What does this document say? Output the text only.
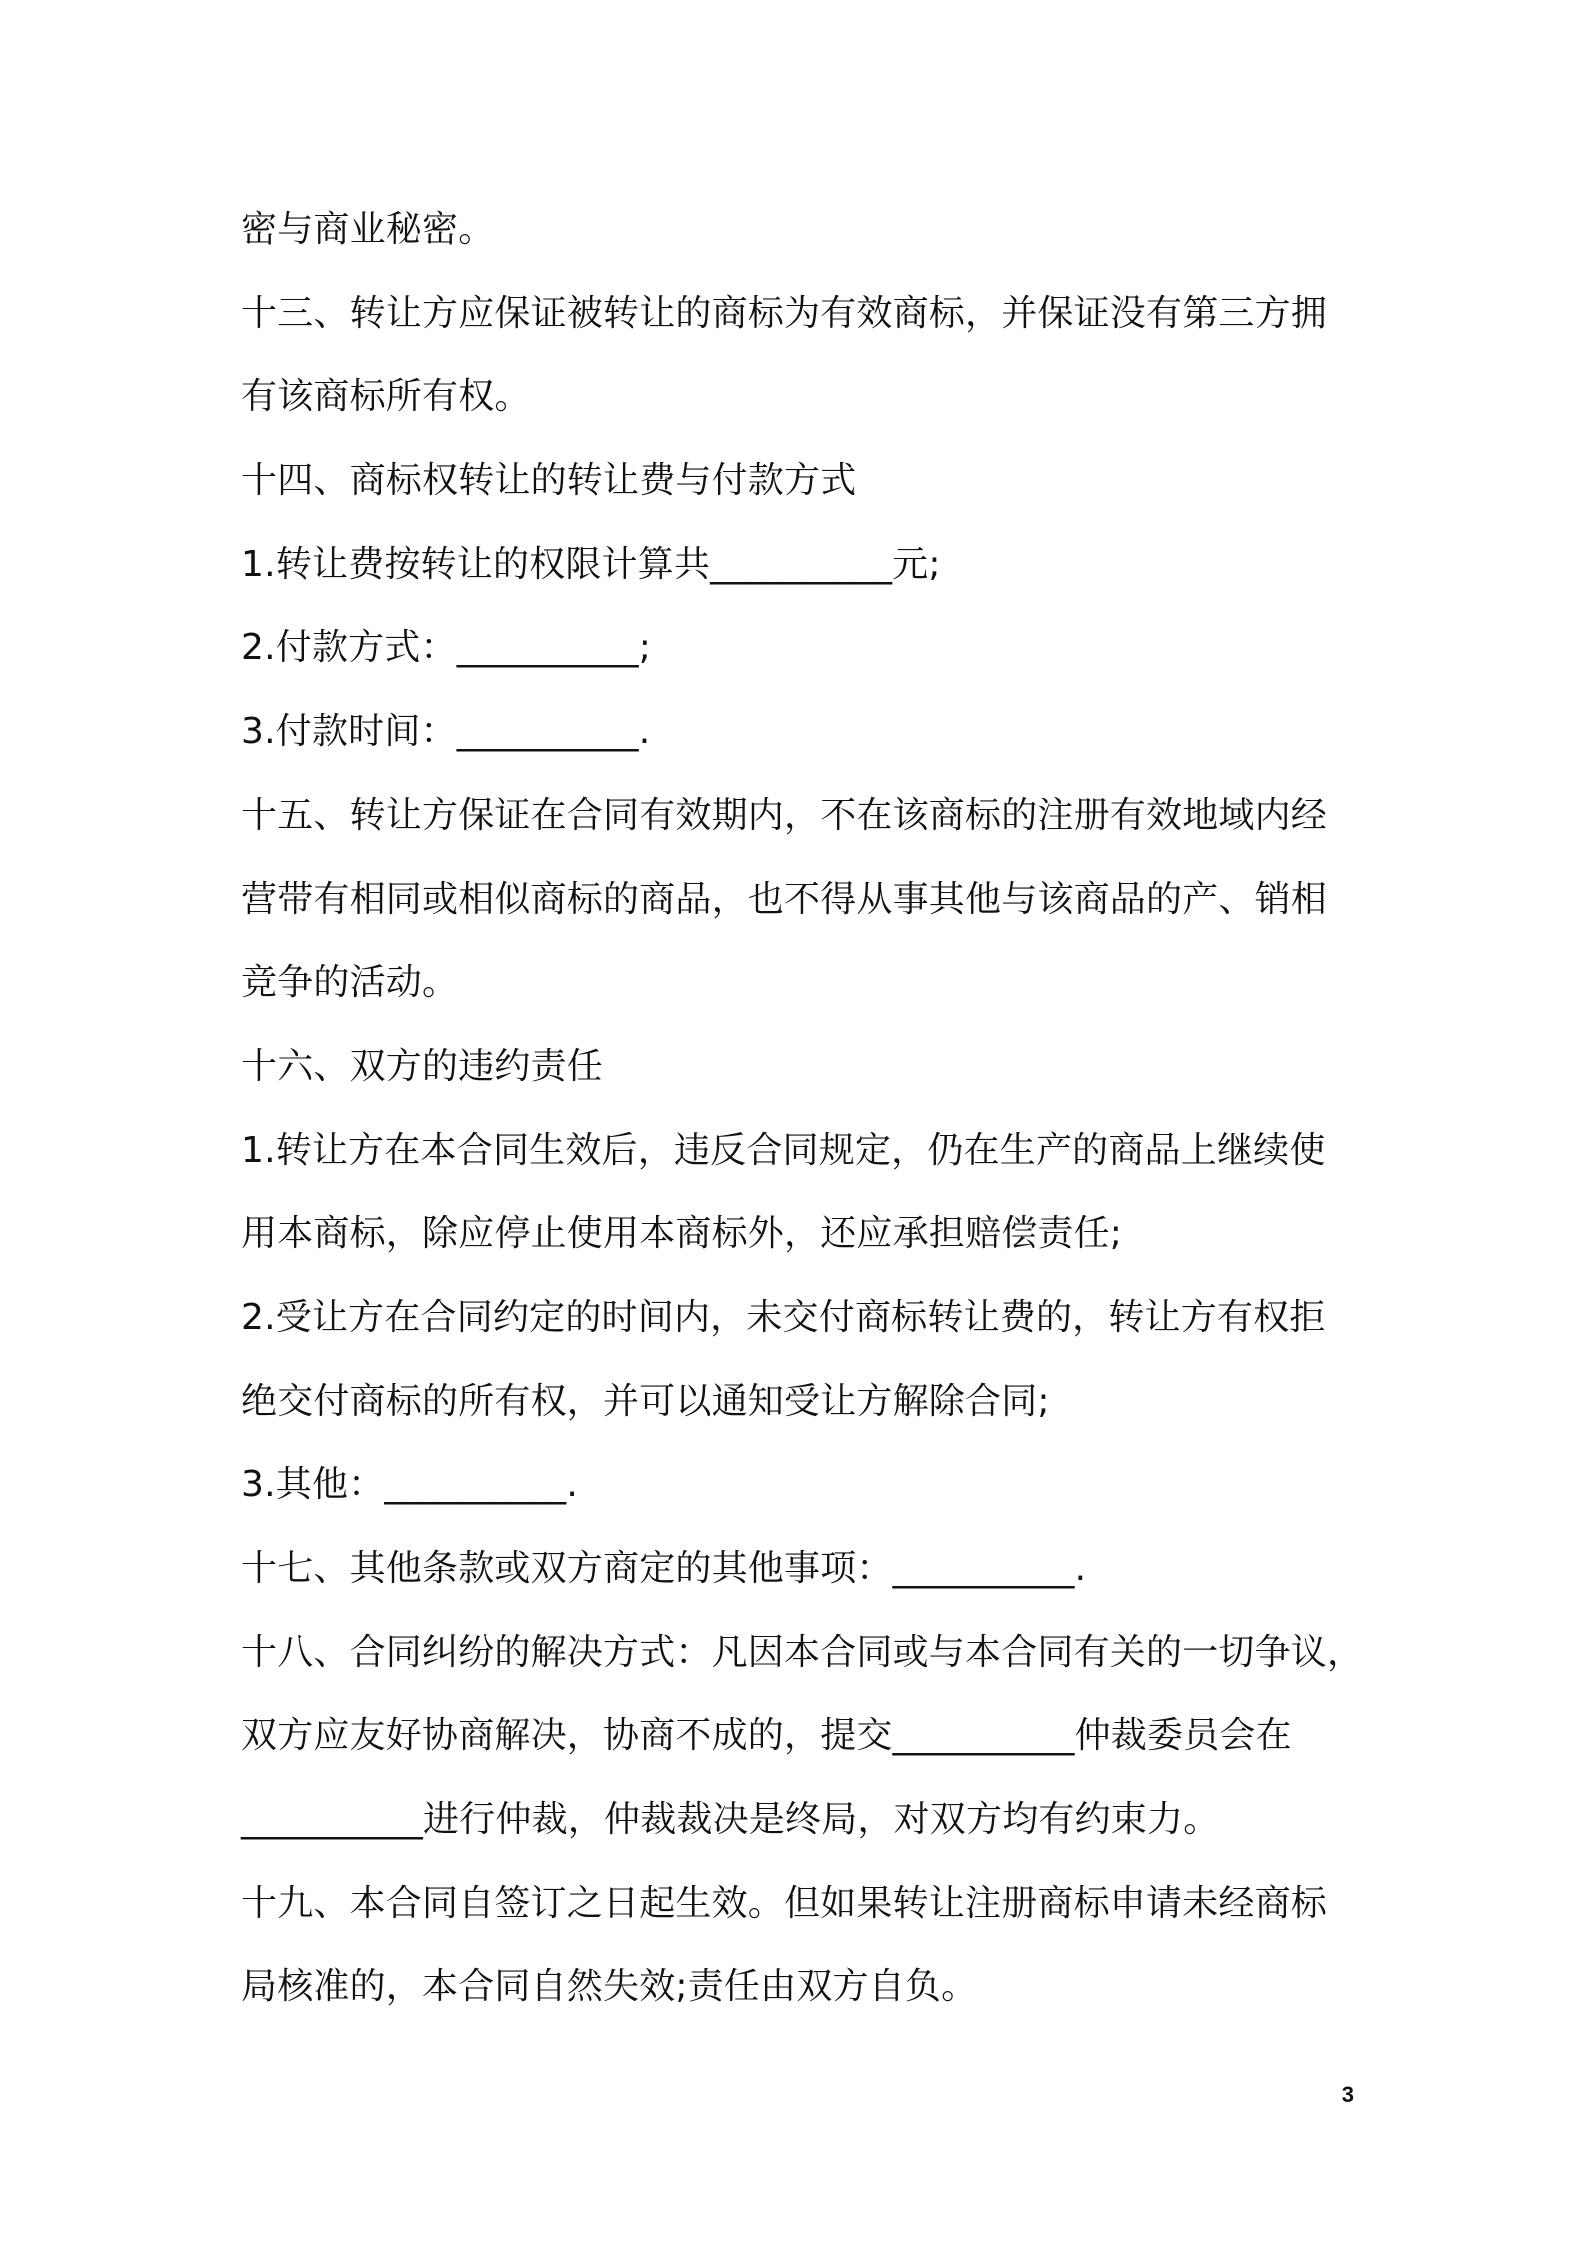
密与商业秘密。
十三、转让方应保证被转让的商标为有效商标，并保证没有第三方拥
有该商标所有权。
十四、商标权转让的转让费与付款方式
1.转让费按转让的权限计算共__________元;
2.付款方式：__________;
3.付款时间：__________.
十五、转让方保证在合同有效期内，不在该商标的注册有效地域内经
营带有相同或相似商标的商品，也不得从事其他与该商品的产、销相
竞争的活动。
十六、双方的违约责任
1.转让方在本合同生效后，违反合同规定，仍在生产的商品上继续使
用本商标，除应停止使用本商标外，还应承担赔偿责任;
2.受让方在合同约定的时间内，未交付商标转让费的，转让方有权拒
绝交付商标的所有权，并可以通知受让方解除合同;
3.其他：__________.
十七、其他条款或双方商定的其他事项：__________.
十八、合同纠纷的解决方式：凡因本合同或与本合同有关的一切争议，
双方应友好协商解决，协商不成的，提交__________仲裁委员会在
__________进行仲裁，仲裁裁决是终局，对双方均有约束力。
十九、本合同自签订之日起生效。但如果转让注册商标申请未经商标
局核准的，本合同自然失效;责任由双方自负。
3
